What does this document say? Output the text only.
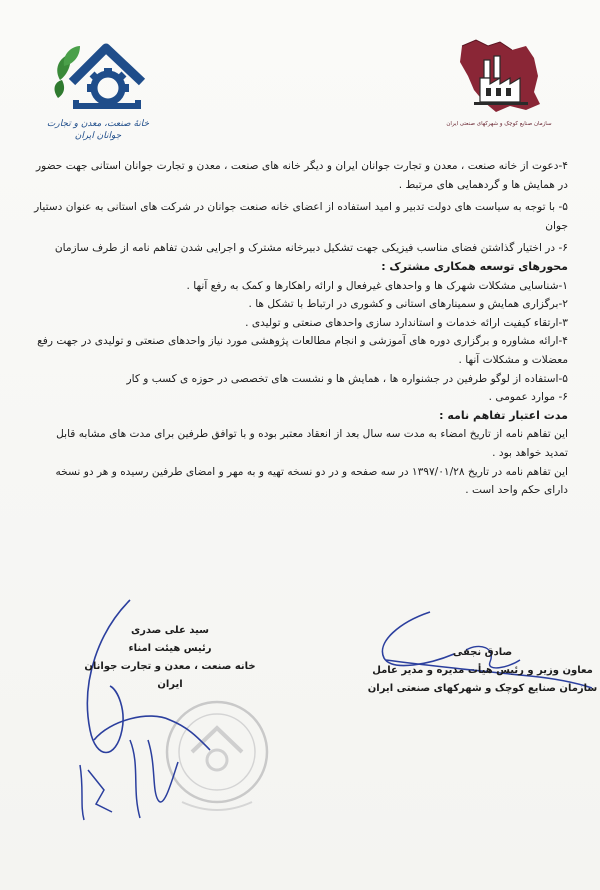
خانهٔ صنعت، معدن و تجارت
جوانان ایران
سازمان صنایع کوچک و شهرکهای صنعتی ایران

۴-دعوت از خانه صنعت ، معدن و تجارت جوانان ایران و دیگر خانه های صنعت ، معدن و تجارت جوانان استانی جهت حضور در همایش ها و گردهمایی های مرتبط .

۵- با توجه به سیاست های دولت تدبیر و امید استفاده از اعضای خانه صنعت جوانان در شرکت های استانی به عنوان دستیار جوان

۶- در اختیار گذاشتن فضای مناسب فیزیکی جهت تشکیل دبیرخانه مشترک و اجرایی شدن تفاهم نامه از طرف سازمان

محورهای توسعه همکاری مشترک :

۱-شناسایی مشکلات شهرک ها و واحدهای غیرفعال و ارائه راهکارها و کمک به رفع آنها .

۲-برگزاری همایش و سمینارهای استانی و کشوری در ارتباط با تشکل ها .

۳-ارتقاء کیفیت ارائه خدمات و استاندارد سازی واحدهای صنعتی و تولیدی .

۴-ارائه مشاوره و برگزاری دوره های آموزشی و انجام مطالعات پژوهشی مورد نیاز واحدهای صنعتی و تولیدی در جهت رفع معضلات و مشکلات آنها .

۵-استفاده از لوگو طرفین در جشنواره ها ، همایش ها و نشست های تخصصی در حوزه ی کسب و کار

۶- موارد عمومی .

مدت اعتبار تفاهم نامه :

این تفاهم نامه از تاریخ امضاء به مدت سه سال بعد از انعقاد معتبر بوده و با توافق طرفین برای مدت های مشابه قابل تمدید خواهد بود .

این تفاهم نامه در تاریخ ۱۳۹۷/۰۱/۲۸ در سه صفحه و در دو نسخه تهیه و به مهر و امضای طرفین رسیده و هر دو نسخه دارای حکم واحد است .

سید علی صدری
رئیس هیئت امناء
خانه صنعت ، معدن و تجارت جوانان ایران
صادق نجفی
معاون وزیر و رئیس هیأت مدیره و مدیر عامل
سازمان صنایع کوچک و شهرکهای صنعتی ایران
